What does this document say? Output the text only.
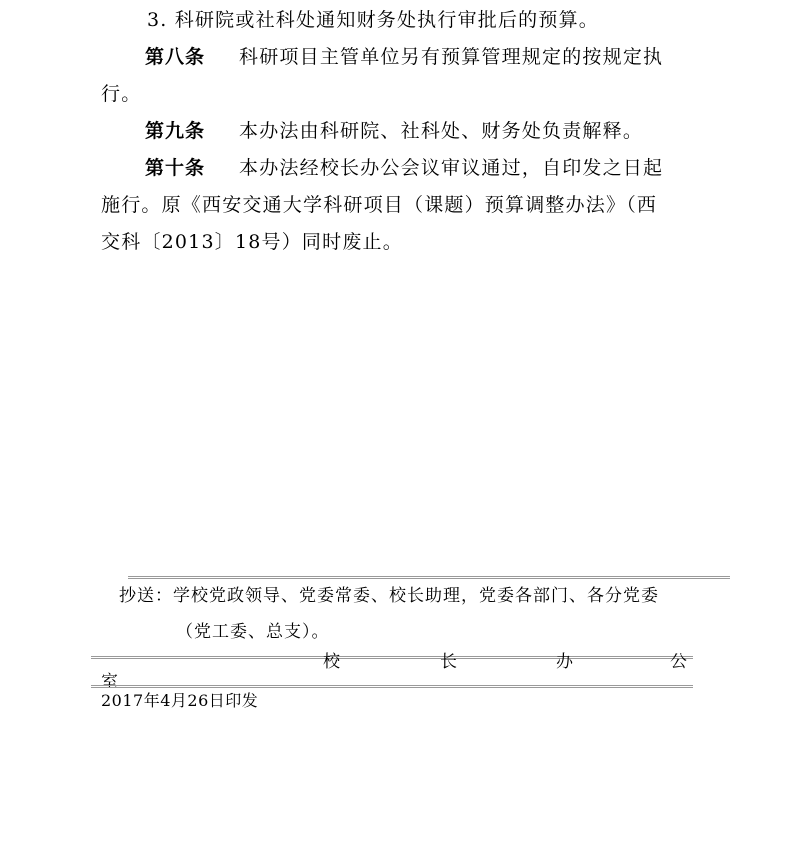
3. 科研院或社科处通知财务处执行审批后的预算。
第八条 科研项目主管单位另有预算管理规定的按规定执
行。
第九条 本办法由科研院、社科处、财务处负责解释。
第十条 本办法经校长办公会议审议通过，自印发之日起
施行。原《西安交通大学科研项目（课题）预算调整办法》（西
交科〔2013〕18号）同时废止。
抄送：学校党政领导、党委常委、校长助理，党委各部门、各分党委
（党工委、总支）。
校	长	办	公
室
2017年4月26日印发
